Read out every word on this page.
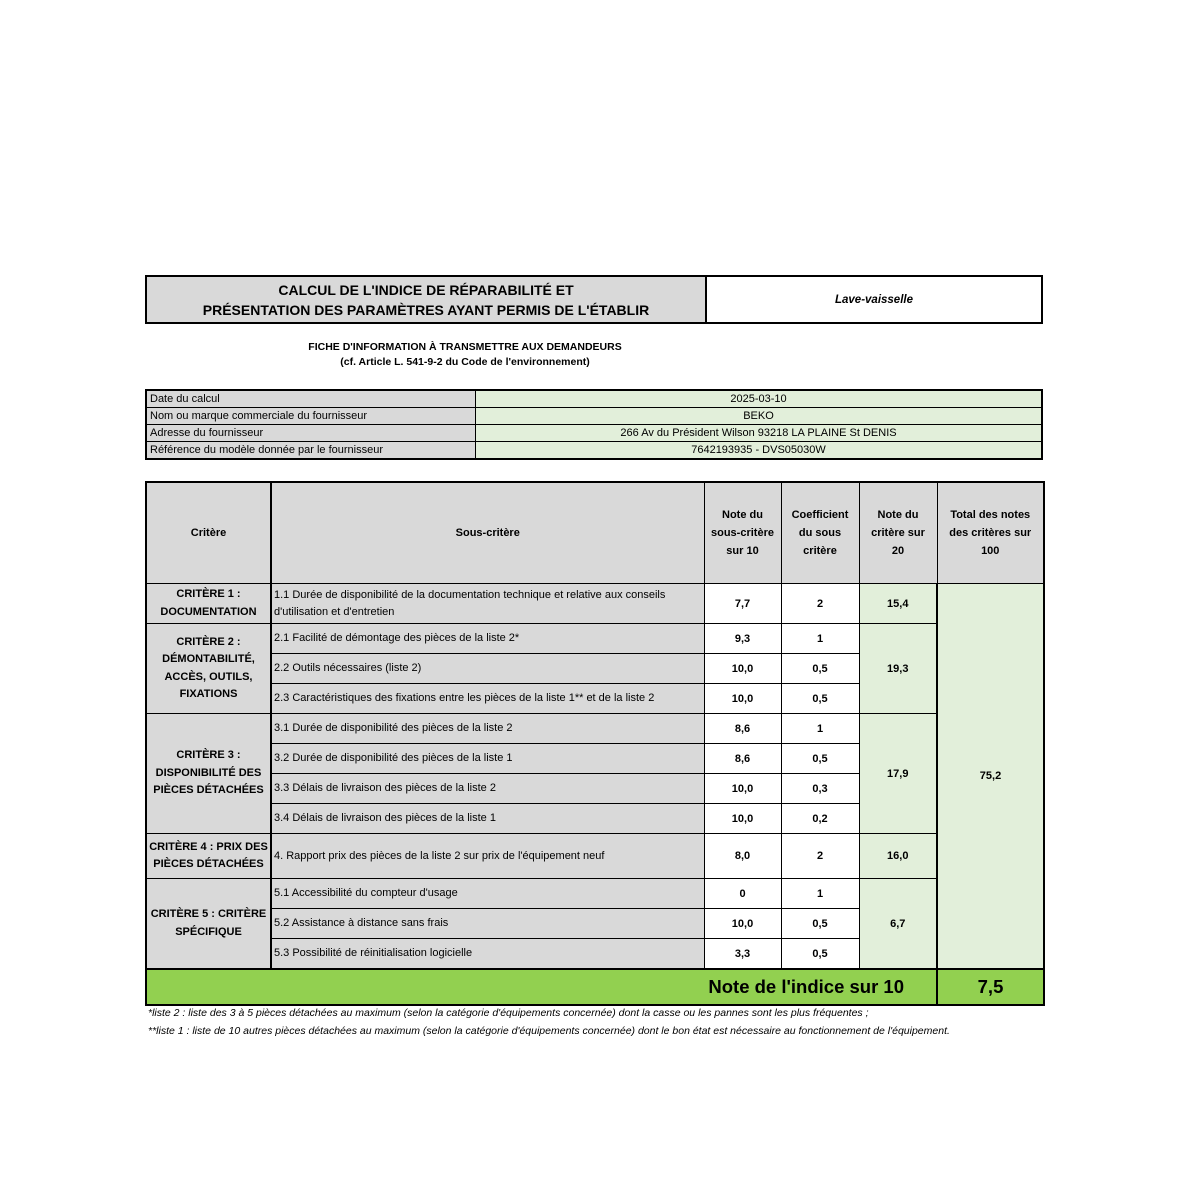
CALCUL DE L'INDICE DE RÉPARABILITÉ ET
PRÉSENTATION DES PARAMÈTRES AYANT PERMIS DE L'ÉTABLIR
Lave-vaisselle
FICHE D'INFORMATION À TRANSMETTRE AUX DEMANDEURS
(cf. Article L. 541-9-2 du Code de l'environnement)
Date du calcul	2025-03-10
Nom ou marque commerciale du fournisseur	BEKO
Adresse du fournisseur	266 Av du Président Wilson 93218 LA PLAINE St DENIS
Référence du modèle donnée par le fournisseur	7642193935 - DVS05030W
Critère	Sous-critère	Note du sous-critère sur 10	Coefficient du sous critère	Note du critère sur 20	Total des notes des critères sur 100
CRITÈRE 1 : DOCUMENTATION	1.1 Durée de disponibilité de la documentation technique et relative aux conseils d'utilisation et d'entretien	7,7	2	15,4	75,2
CRITÈRE 2 : DÉMONTABILITÉ, ACCÈS, OUTILS, FIXATIONS	2.1 Facilité de démontage des pièces de la liste 2*	9,3	1	19,3	
	2.2 Outils nécessaires (liste 2)	10,0	0,5		
	2.3 Caractéristiques des fixations entre les pièces de la liste 1** et de la liste 2	10,0	0,5		
CRITÈRE 3 : DISPONIBILITÉ DES PIÈCES DÉTACHÉES	3.1 Durée de disponibilité des pièces de la liste 2	8,6	1	17,9	
	3.2 Durée de disponibilité des pièces de la liste 1	8,6	0,5		
	3.3 Délais de livraison des pièces de la liste 2	10,0	0,3		
	3.4 Délais de livraison des pièces de la liste 1	10,0	0,2		
CRITÈRE 4 : PRIX DES PIÈCES DÉTACHÉES	4. Rapport prix des pièces de la liste 2 sur prix de l'équipement neuf	8,0	2	16,0	
CRITÈRE 5 : CRITÈRE SPÉCIFIQUE	5.1 Accessibilité du compteur d'usage	0	1	6,7	
	5.2 Assistance à distance sans frais	10,0	0,5		
	5.3 Possibilité de réinitialisation logicielle	3,3	0,5		
Note de l'indice sur 10					7,5
*liste 2 : liste des 3 à 5 pièces détachées au maximum (selon la catégorie d'équipements concernée) dont la casse ou les pannes sont les plus fréquentes ;
**liste 1 : liste de 10 autres pièces détachées au maximum (selon la catégorie d'équipements concernée) dont le bon état est nécessaire au fonctionnement de l'équipement.
